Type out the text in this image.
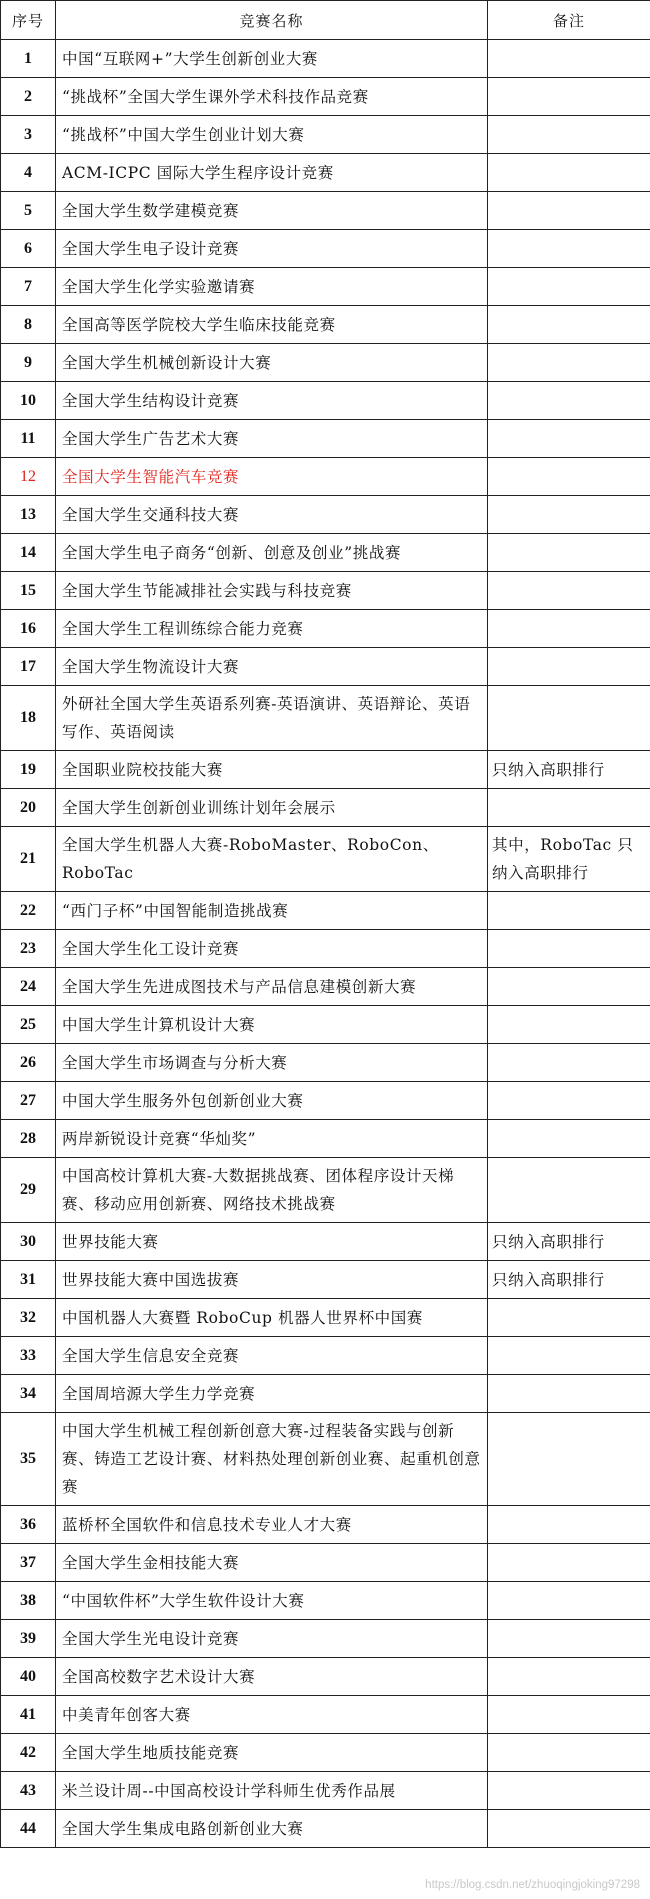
序号	竞赛名称	备注
1	中国“互联网+”大学生创新创业大赛	
2	“挑战杯”全国大学生课外学术科技作品竞赛	
3	“挑战杯”中国大学生创业计划大赛	
4	ACM-ICPC 国际大学生程序设计竞赛	
5	全国大学生数学建模竞赛	
6	全国大学生电子设计竞赛	
7	全国大学生化学实验邀请赛	
8	全国高等医学院校大学生临床技能竞赛	
9	全国大学生机械创新设计大赛	
10	全国大学生结构设计竞赛	
11	全国大学生广告艺术大赛	
12	全国大学生智能汽车竞赛	
13	全国大学生交通科技大赛	
14	全国大学生电子商务“创新、创意及创业”挑战赛	
15	全国大学生节能减排社会实践与科技竞赛	
16	全国大学生工程训练综合能力竞赛	
17	全国大学生物流设计大赛	
18	外研社全国大学生英语系列赛-英语演讲、英语辩论、英语写作、英语阅读	
19	全国职业院校技能大赛	只纳入高职排行
20	全国大学生创新创业训练计划年会展示	
21	全国大学生机器人大赛-RoboMaster、RoboCon、RoboTac	其中，RoboTac 只纳入高职排行
22	“西门子杯”中国智能制造挑战赛	
23	全国大学生化工设计竞赛	
24	全国大学生先进成图技术与产品信息建模创新大赛	
25	中国大学生计算机设计大赛	
26	全国大学生市场调查与分析大赛	
27	中国大学生服务外包创新创业大赛	
28	两岸新锐设计竞赛“华灿奖”	
29	中国高校计算机大赛-大数据挑战赛、团体程序设计天梯赛、移动应用创新赛、网络技术挑战赛	
30	世界技能大赛	只纳入高职排行
31	世界技能大赛中国选拔赛	只纳入高职排行
32	中国机器人大赛暨 RoboCup 机器人世界杯中国赛	
33	全国大学生信息安全竞赛	
34	全国周培源大学生力学竞赛	
35	中国大学生机械工程创新创意大赛-过程装备实践与创新赛、铸造工艺设计赛、材料热处理创新创业赛、起重机创意赛	
36	蓝桥杯全国软件和信息技术专业人才大赛	
37	全国大学生金相技能大赛	
38	“中国软件杯”大学生软件设计大赛	
39	全国大学生光电设计竞赛	
40	全国高校数字艺术设计大赛	
41	中美青年创客大赛	
42	全国大学生地质技能竞赛	
43	米兰设计周--中国高校设计学科师生优秀作品展	
44	全国大学生集成电路创新创业大赛	
https://blog.csdn.net/zhuoqingjoking97298
